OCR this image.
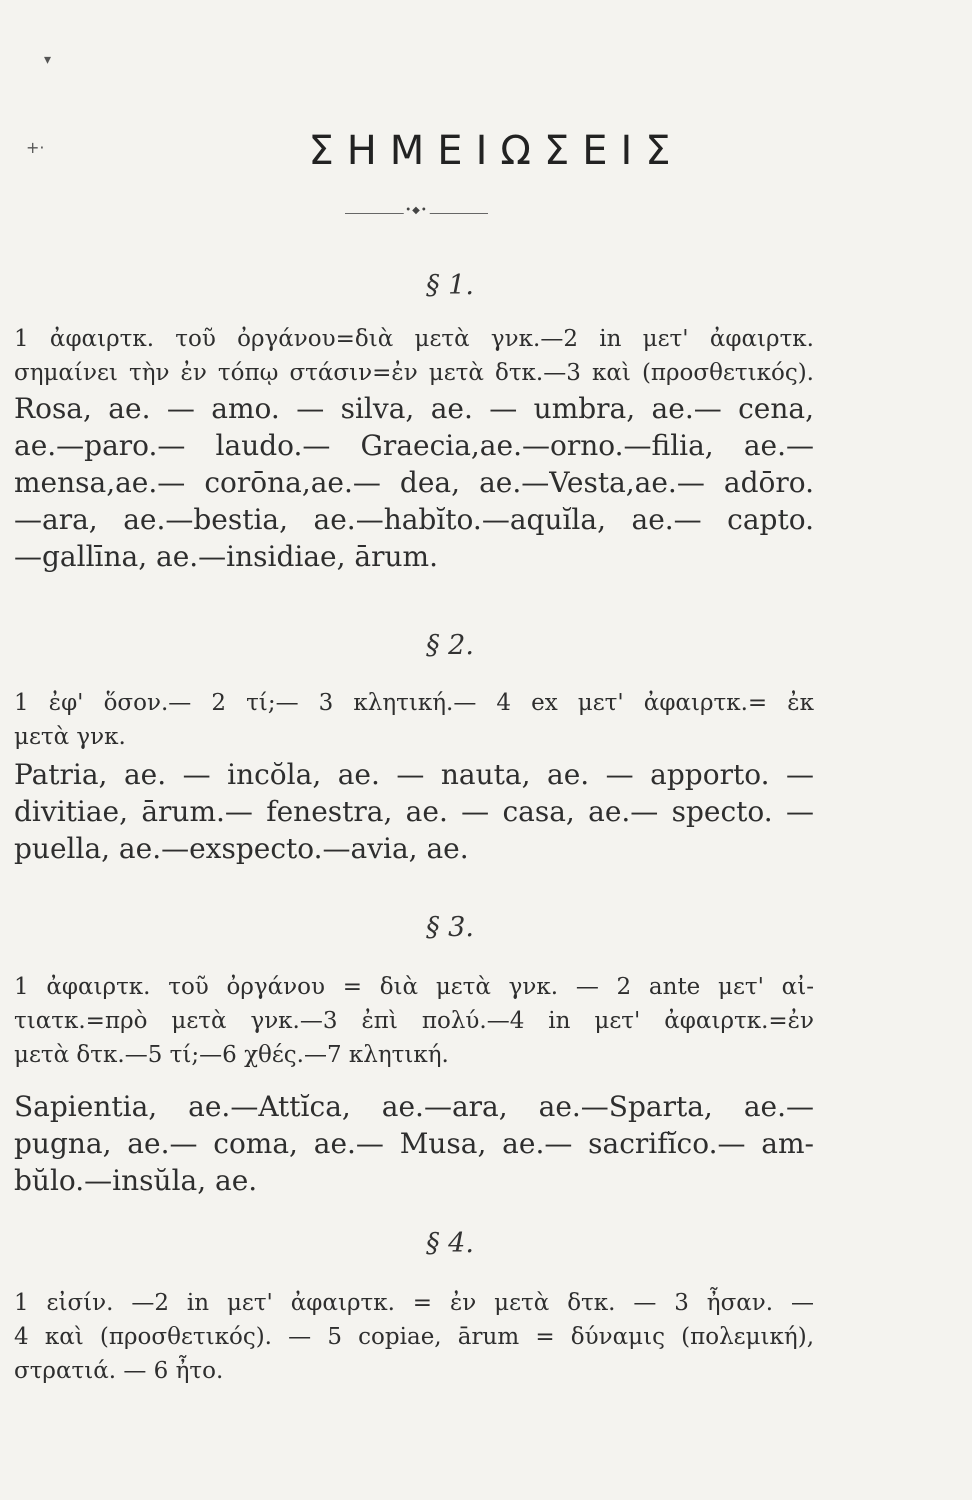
▾
+·	ΣΗΜΕΙΩΣΕΙΣ
•◆•
§ 1.
1 ἀφαιρτκ. τοῦ ὀργάνου=διὰ μετὰ γνκ.—2 in μετ' ἀφαιρτκ.
σημαίνει τὴν ἐν τόπῳ στάσιν=ἐν μετὰ δτκ.—3 καὶ (προσθετικός).
Rosa, ae. — amo. — silva, ae. — umbra, ae.— cena,
ae.—paro.— laudo.— Graecia,ae.—orno.—filia, ae.—
mensa,ae.— corōna,ae.— dea, ae.—Vesta,ae.— adōro.
—ara, ae.—bestia, ae.—habĭto.—aquĭla, ae.— capto.
—gallīna, ae.—insidiae, ārum.
§ 2.
1 ἐφ' ὅσον.— 2 τί;— 3 κλητική.— 4 ex μετ' ἀφαιρτκ.= ἐκ
μετὰ γνκ.
Patria, ae. — incŏla, ae. — nauta, ae. — apporto. —
divitiae, ārum.— fenestra, ae. — casa, ae.— specto. —
puella, ae.—exspecto.—avia, ae.
§ 3.
1 ἀφαιρτκ. τοῦ ὀργάνου = διὰ μετὰ γνκ. — 2 ante μετ' αἰ-
τιατκ.=πρὸ μετὰ γνκ.—3 ἐπὶ πολύ.—4 in μετ' ἀφαιρτκ.=ἐν
μετὰ δτκ.—5 τί;—6 χθές.—7 κλητική.
Sapientia, ae.—Attĭca, ae.—ara, ae.—Sparta, ae.—
pugna, ae.— coma, ae.— Musa, ae.— sacrifĭco.— am-
bŭlo.—insŭla, ae.
§ 4.
1 εἰσίν. —2 in μετ' ἀφαιρτκ. = ἐν μετὰ δτκ. — 3 ἦσαν. —
4 καὶ (προσθετικός). — 5 copiae, ārum = δύναμις (πολεμική),
στρατιά. — 6 ἦτο.
